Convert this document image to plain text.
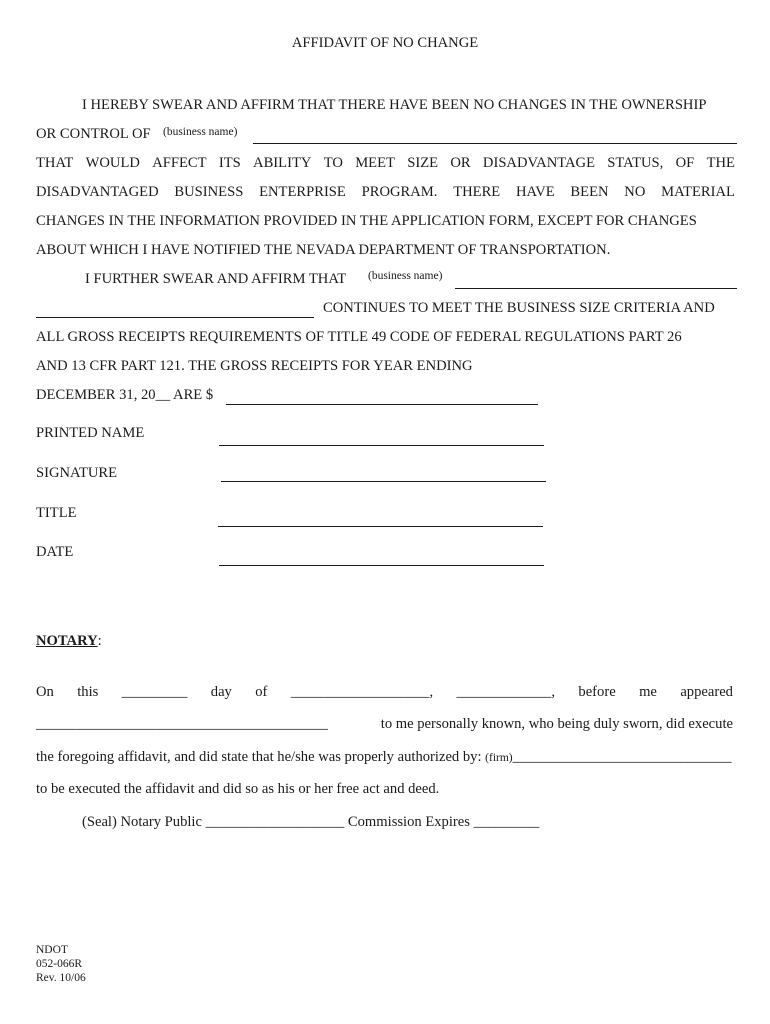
AFFIDAVIT OF NO CHANGE
I HEREBY SWEAR AND AFFIRM THAT THERE HAVE BEEN NO CHANGES IN THE OWNERSHIP
OR CONTROL OF (business name)
THAT WOULD AFFECT ITS ABILITY TO MEET SIZE OR DISADVANTAGE STATUS, OF THE
DISADVANTAGED BUSINESS ENTERPRISE PROGRAM. THERE HAVE BEEN NO MATERIAL
CHANGES IN THE INFORMATION PROVIDED IN THE APPLICATION FORM, EXCEPT FOR CHANGES
ABOUT WHICH I HAVE NOTIFIED THE NEVADA DEPARTMENT OF TRANSPORTATION.
I FURTHER SWEAR AND AFFIRM THAT (business name)
CONTINUES TO MEET THE BUSINESS SIZE CRITERIA AND
ALL GROSS RECEIPTS REQUIREMENTS OF TITLE 49 CODE OF FEDERAL REGULATIONS PART 26
AND 13 CFR PART 121. THE GROSS RECEIPTS FOR YEAR ENDING
DECEMBER 31, 20__ ARE $
PRINTED NAME
SIGNATURE
TITLE
DATE
NOTARY:
On this _________ day of ___________________, _____________, before me appeared
________________________________________	to me personally known, who being duly sworn, did execute
the foregoing affidavit, and did state that he/she was properly authorized by: (firm)______________________________
to be executed the affidavit and did so as his or her free act and deed.
(Seal) Notary Public ___________________ Commission Expires _________
NDOT
052-066R
Rev. 10/06
